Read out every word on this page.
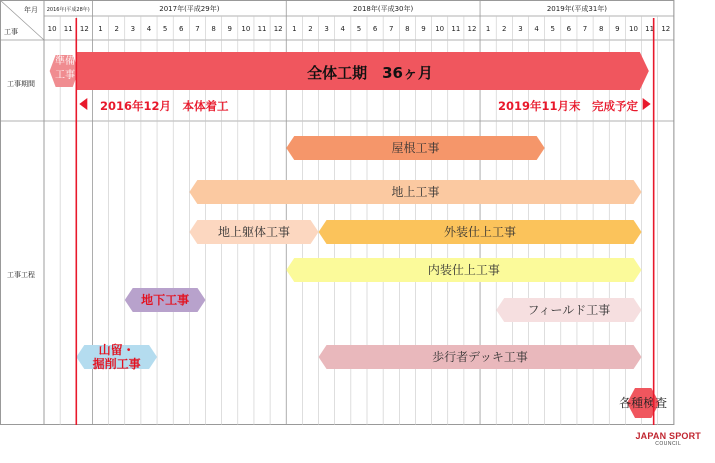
10 11 12 1 2 3 4 5 6 7 8 9 10 11 12 1 2 3 4 5 6 7 8 9 10 11 12 1 2 3 4 5 6 7 8 9 10 11 12
2016年(平成28年)	2017年(平成29年)	2018年(平成30年)	2019年(平成31年)
年月
工事
工事期間
準備
工事	全体工期　36ヶ月
2016年12月　本体着工	2019年11月末　完成予定
工事工程
屋根工事
地上工事
地上躯体工事	外装仕上工事
内装仕上工事
地下工事
フィールド工事
山留・
掘削工事	歩行者デッキ工事
各種検査
JAPAN SPORT
COUNCIL
